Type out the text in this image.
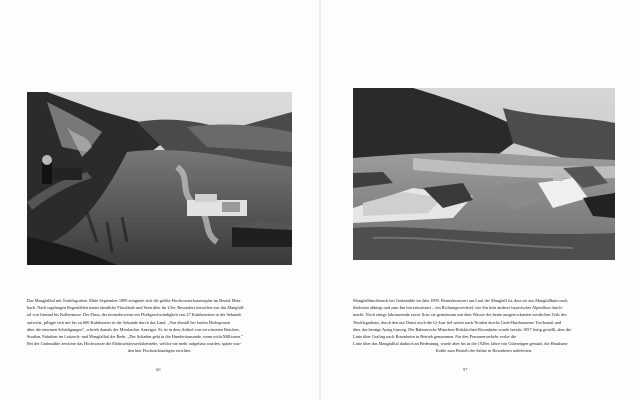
Das Mangfalltal mit Teufelsgraben. Mitte September 1899 ereignete sich die größte Hochwasserkatastrophe im Bezirk Mies-

bach. Nach tagelangen Regenfällen traten sämtliche Flussläufe und Seen über ihr Ufer. Besonders betroffen war das Mangfall-

tal von Gmund bis Kolbermoor. Der Fluss, der normalerweise ein Fließgeschwindigkeit von 27 Kubikmetern in der Sekunde

aufweist, pflügte sich mit bis zu 600 Kubikmeter in der Sekunde durch das Land. „Von überall her laufen Hiobsposten

über die enormen Schädigungen", schrieb damals der Miesbacher Anzeiger. Es ist in dem Artikel von verwüsteten Brücken,

Straßen, Fabriken im Leitzach- und Mangfalltal die Rede. „Der Schaden geht in die Hunderttausende, wenn nicht Millionen."

Bei der Grubmühle zerstörte das Hochwasser die Elektrizitätswerksbetriebe, welche nie mehr aufgebaut wurden, später wur-

den hier Fischzuchtanlagen errichtet.

60

Mangfalldurchbruch bei Grubmühle im Jahr 1899. Bemerkenswert am Lauf der Mangfall ist, dass sie aus Mangfallknie nach

Südosten abbiegt und zum Inn hin entwässert – ein Richtungswechsel, wie ihn kein anderer bayerischer Alpenfluss durch-

macht. Noch einige Jahrtausende zuvor floss sie gemeinsam mit dem Wasser des heute ausgetrockneten westlichen Teils des

Teufelsgrabens, durch den nur Dunst noch die Ur-Isar fiel weiter nach Norden durchs Grub-Harthausener Trockental und

über das heutige Aying hinweg. Die Bahnstrecke München-Holzkirchen-Rosenheim wurde bereits 1857 fertig gestellt, aber die

Linie über Grafing nach Rosenheim in Betrieb genommen. Für den Personenverkehr verlor die

Linie über das Mangfalltal dadurch an Bedeutung, wurde aber bis in die 1920er Jahre von Güterzügen genutzt, die Hausham-

Kohle zum Betrieb der Saline in Rosenheim anlieferten.

97
